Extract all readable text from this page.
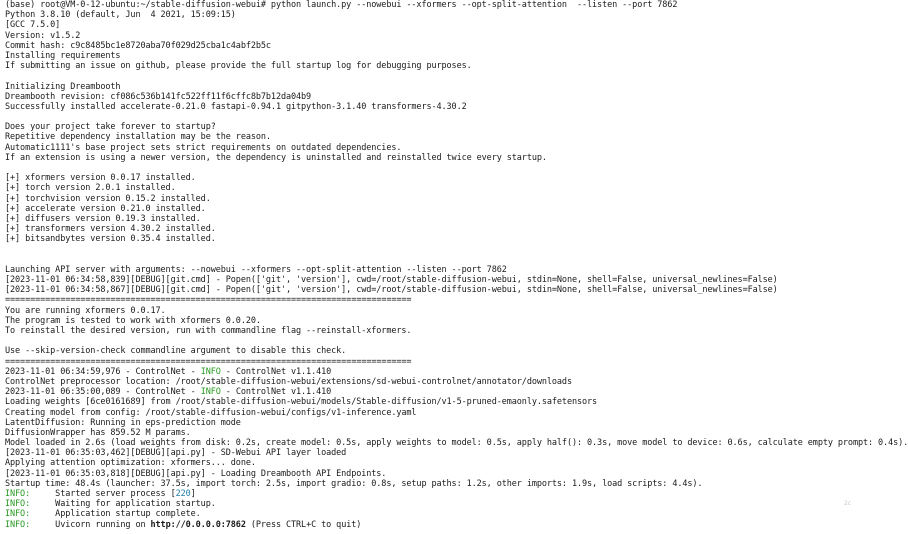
(base) root@VM-0-12-ubuntu:~/stable-diffusion-webui# python launch.py --nowebui --xformers --opt-split-attention  --listen --port 7862
Python 3.8.10 (default, Jun  4 2021, 15:09:15)
[GCC 7.5.0]
Version: v1.5.2
Commit hash: c9c8485bc1e8720aba70f029d25cba1c4abf2b5c
Installing requirements
If submitting an issue on github, please provide the full startup log for debugging purposes.
Initializing Dreambooth
Dreambooth revision: cf086c536b141fc522ff11f6cffc8b7b12da04b9
Successfully installed accelerate-0.21.0 fastapi-0.94.1 gitpython-3.1.40 transformers-4.30.2
Does your project take forever to startup?
Repetitive dependency installation may be the reason.
Automatic1111's base project sets strict requirements on outdated dependencies.
If an extension is using a newer version, the dependency is uninstalled and reinstalled twice every startup.
[+] xformers version 0.0.17 installed.
[+] torch version 2.0.1 installed.
[+] torchvision version 0.15.2 installed.
[+] accelerate version 0.21.0 installed.
[+] diffusers version 0.19.3 installed.
[+] transformers version 4.30.2 installed.
[+] bitsandbytes version 0.35.4 installed.
Launching API server with arguments: --nowebui --xformers --opt-split-attention --listen --port 7862
[2023-11-01 06:34:58,839][DEBUG][git.cmd] - Popen(['git', 'version'], cwd=/root/stable-diffusion-webui, stdin=None, shell=False, universal_newlines=False)
[2023-11-01 06:34:58,867][DEBUG][git.cmd] - Popen(['git', 'version'], cwd=/root/stable-diffusion-webui, stdin=None, shell=False, universal_newlines=False)
=================================================================================
You are running xformers 0.0.17.
The program is tested to work with xformers 0.0.20.
To reinstall the desired version, run with commandline flag --reinstall-xformers.
Use --skip-version-check commandline argument to disable this check.
=================================================================================
2023-11-01 06:34:59,976 - ControlNet - INFO - ControlNet v1.1.410
ControlNet preprocessor location: /root/stable-diffusion-webui/extensions/sd-webui-controlnet/annotator/downloads
2023-11-01 06:35:00,089 - ControlNet - INFO - ControlNet v1.1.410
Loading weights [6ce0161689] from /root/stable-diffusion-webui/models/Stable-diffusion/v1-5-pruned-emaonly.safetensors
Creating model from config: /root/stable-diffusion-webui/configs/v1-inference.yaml
LatentDiffusion: Running in eps-prediction mode
DiffusionWrapper has 859.52 M params.
Model loaded in 2.6s (load weights from disk: 0.2s, create model: 0.5s, apply weights to model: 0.5s, apply half(): 0.3s, move model to device: 0.6s, calculate empty prompt: 0.4s).
[2023-11-01 06:35:03,462][DEBUG][api.py] - SD-Webui API layer loaded
Applying attention optimization: xformers... done.
[2023-11-01 06:35:03,818][DEBUG][api.py] - Loading Dreambooth API Endpoints.
Startup time: 48.4s (launcher: 37.5s, import torch: 2.5s, import gradio: 0.8s, setup paths: 1.2s, other imports: 1.9s, load scripts: 4.4s).
INFO:     Started server process [220]
INFO:     Waiting for application startup.
INFO:     Application startup complete.
INFO:     Uvicorn running on http://0.0.0.0:7862 (Press CTRL+C to quit)
2c
